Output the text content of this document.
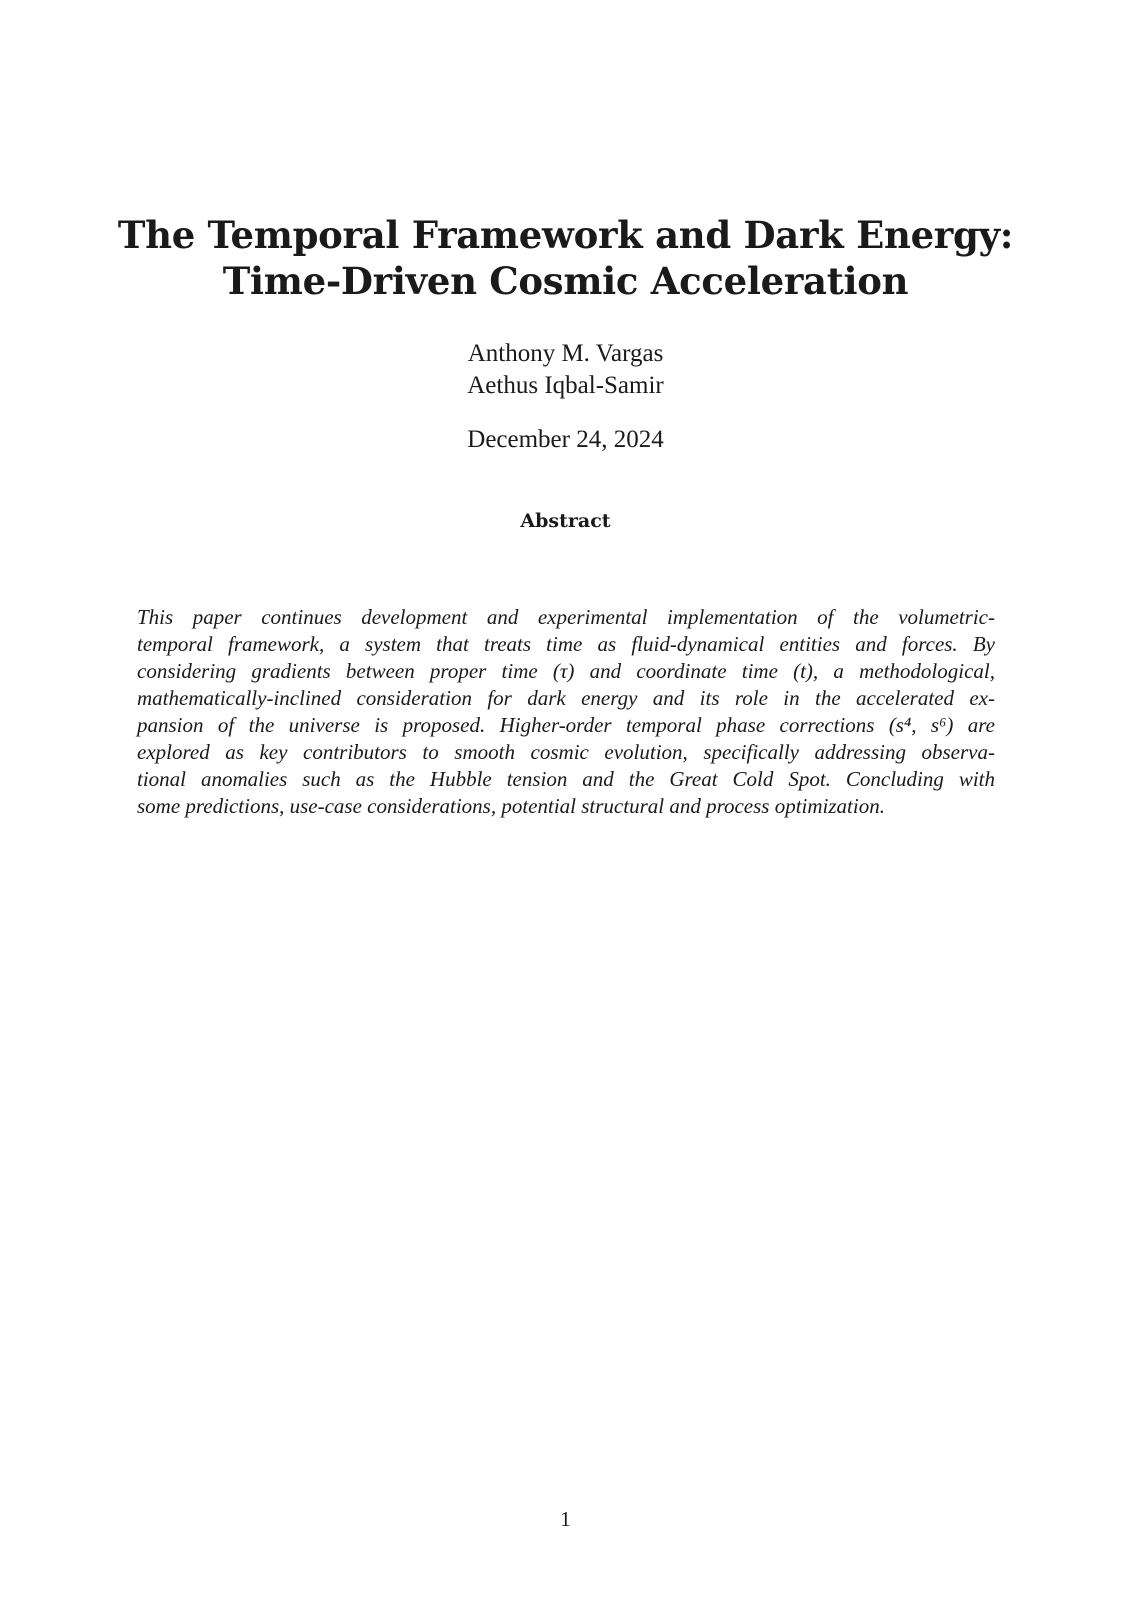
The Temporal Framework and Dark Energy:
Time-Driven Cosmic Acceleration
Anthony M. Vargas
Aethus Iqbal-Samir
December 24, 2024
Abstract
This paper continues development and experimental implementation of the volumetric-
temporal framework, a system that treats time as fluid-dynamical entities and forces. By
considering gradients between proper time (τ) and coordinate time (t), a methodological,
mathematically-inclined consideration for dark energy and its role in the accelerated ex-
pansion of the universe is proposed. Higher-order temporal phase corrections (s⁴, s⁶) are
explored as key contributors to smooth cosmic evolution, specifically addressing observa-
tional anomalies such as the Hubble tension and the Great Cold Spot. Concluding with
some predictions, use-case considerations, potential structural and process optimization.
1
